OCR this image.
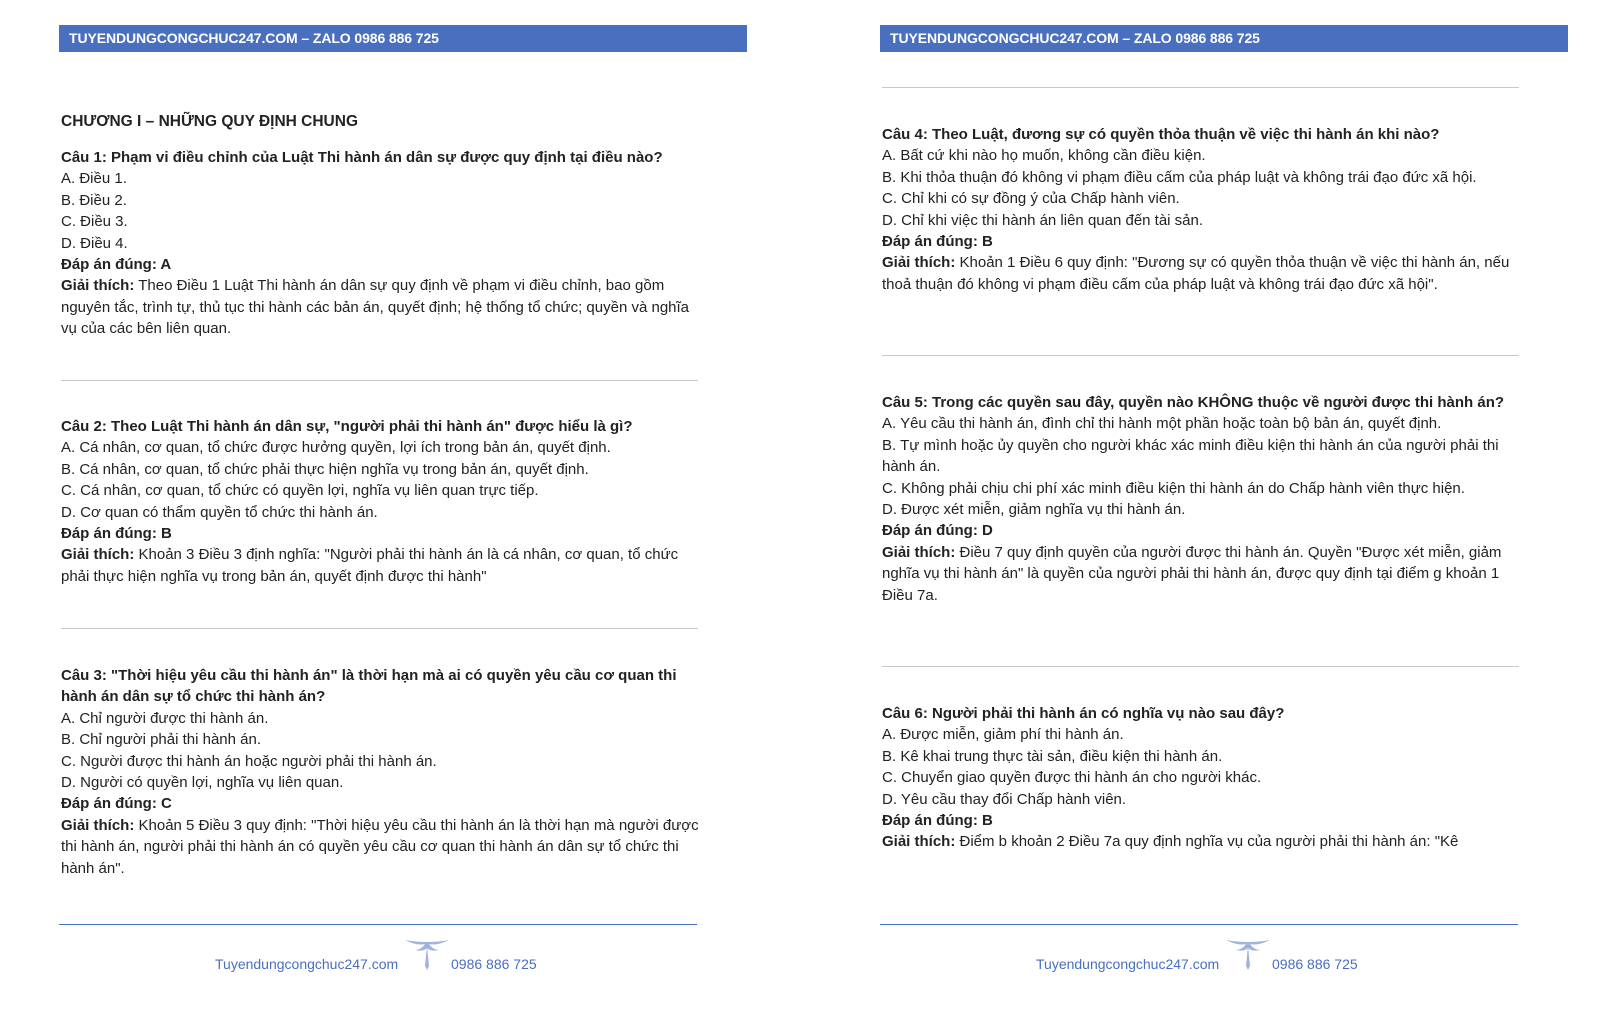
TUYENDUNGCONGCHUC247.COM – ZALO 0986 886 725
CHƯƠNG I – NHỮNG QUY ĐỊNH CHUNG
Câu 1: Phạm vi điều chỉnh của Luật Thi hành án dân sự được quy định tại điều nào?
A. Điều 1.
B. Điều 2.
C. Điều 3.
D. Điều 4.
Đáp án đúng: A
Giải thích: Theo Điều 1 Luật Thi hành án dân sự quy định về phạm vi điều chỉnh, bao gồm nguyên tắc, trình tự, thủ tục thi hành các bản án, quyết định; hệ thống tổ chức; quyền và nghĩa vụ của các bên liên quan.
Câu 2: Theo Luật Thi hành án dân sự, "người phải thi hành án" được hiểu là gì?
A. Cá nhân, cơ quan, tổ chức được hưởng quyền, lợi ích trong bản án, quyết định.
B. Cá nhân, cơ quan, tổ chức phải thực hiện nghĩa vụ trong bản án, quyết định.
C. Cá nhân, cơ quan, tổ chức có quyền lợi, nghĩa vụ liên quan trực tiếp.
D. Cơ quan có thẩm quyền tổ chức thi hành án.
Đáp án đúng: B
Giải thích: Khoản 3 Điều 3 định nghĩa: "Người phải thi hành án là cá nhân, cơ quan, tổ chức phải thực hiện nghĩa vụ trong bản án, quyết định được thi hành"
Câu 3: "Thời hiệu yêu cầu thi hành án" là thời hạn mà ai có quyền yêu cầu cơ quan thi hành án dân sự tổ chức thi hành án?
A. Chỉ người được thi hành án.
B. Chỉ người phải thi hành án.
C. Người được thi hành án hoặc người phải thi hành án.
D. Người có quyền lợi, nghĩa vụ liên quan.
Đáp án đúng: C
Giải thích: Khoản 5 Điều 3 quy định: "Thời hiệu yêu cầu thi hành án là thời hạn mà người được thi hành án, người phải thi hành án có quyền yêu cầu cơ quan thi hành án dân sự tổ chức thi hành án".
Tuyendungcongchuc247.com	0986 886 725
TUYENDUNGCONGCHUC247.COM – ZALO 0986 886 725
Câu 4: Theo Luật, đương sự có quyền thỏa thuận về việc thi hành án khi nào?
A. Bất cứ khi nào họ muốn, không cần điều kiện.
B. Khi thỏa thuận đó không vi phạm điều cấm của pháp luật và không trái đạo đức xã hội.
C. Chỉ khi có sự đồng ý của Chấp hành viên.
D. Chỉ khi việc thi hành án liên quan đến tài sản.
Đáp án đúng: B
Giải thích: Khoản 1 Điều 6 quy định: "Đương sự có quyền thỏa thuận về việc thi hành án, nếu thoả thuận đó không vi phạm điều cấm của pháp luật và không trái đạo đức xã hội".
Câu 5: Trong các quyền sau đây, quyền nào KHÔNG thuộc về người được thi hành án?
A. Yêu cầu thi hành án, đình chỉ thi hành một phần hoặc toàn bộ bản án, quyết định.
B. Tự mình hoặc ủy quyền cho người khác xác minh điều kiện thi hành án của người phải thi hành án.
C. Không phải chịu chi phí xác minh điều kiện thi hành án do Chấp hành viên thực hiện.
D. Được xét miễn, giảm nghĩa vụ thi hành án.
Đáp án đúng: D
Giải thích: Điều 7 quy định quyền của người được thi hành án. Quyền "Được xét miễn, giảm nghĩa vụ thi hành án" là quyền của người phải thi hành án, được quy định tại điểm g khoản 1 Điều 7a.
Câu 6: Người phải thi hành án có nghĩa vụ nào sau đây?
A. Được miễn, giảm phí thi hành án.
B. Kê khai trung thực tài sản, điều kiện thi hành án.
C. Chuyển giao quyền được thi hành án cho người khác.
D. Yêu cầu thay đổi Chấp hành viên.
Đáp án đúng: B
Giải thích: Điểm b khoản 2 Điều 7a quy định nghĩa vụ của người phải thi hành án: "Kê
Tuyendungcongchuc247.com	0986 886 725
